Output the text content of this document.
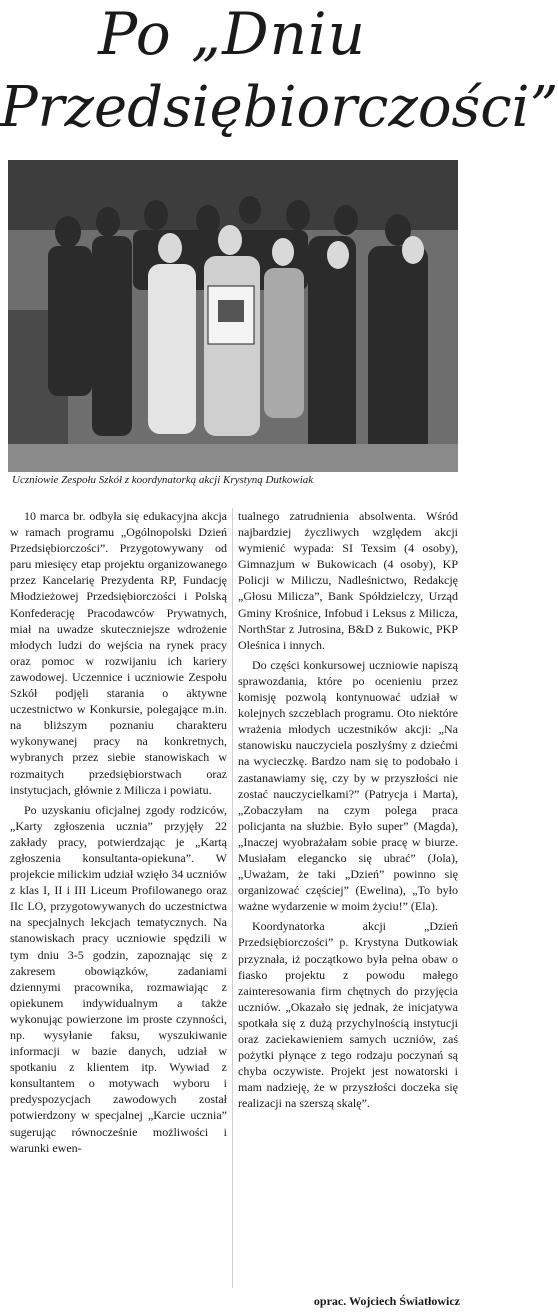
Po „Dniu
Przedsiębiorczości”
Uczniowie Zespołu Szkół z koordynatorką akcji Krystyną Dutkowiak

10 marca br. odbyła się edukacyjna akcja w ramach programu „Ogólnopolski Dzień Przedsiębiorczości”. Przygotowywany od paru miesięcy etap projektu organizowanego przez Kancelarię Prezydenta RP, Fundację Młodzieżowej Przedsiębiorczości i Polską Konfederację Pracodawców Prywatnych, miał na uwadze skuteczniejsze wdrożenie młodych ludzi do wejścia na rynek pracy oraz pomoc w rozwijaniu ich kariery zawodowej. Uczennice i uczniowie Zespołu Szkół podjęli starania o aktywne uczestnictwo w Konkursie, polegające m.in. na bliższym poznaniu charakteru wykonywanej pracy na konkretnych, wybranych przez siebie stanowiskach w rozmaitych przedsiębiorstwach oraz instytucjach, głównie z Milicza i powiatu.

Po uzyskaniu oficjalnej zgody rodziców, „Karty zgłoszenia ucznia” przyjęły 22 zakłady pracy, potwierdzając je „Kartą zgłoszenia konsultanta-opiekuna”. W projekcie milickim udział wzięło 34 uczniów z klas I, II i III Liceum Profilowanego oraz IIc LO, przygotowywanych do uczestnictwa na specjalnych lekcjach tematycznych. Na stanowiskach pracy uczniowie spędzili w tym dniu 3-5 godzin, zapoznając się z zakresem obowiązków, zadaniami dziennymi pracownika, rozmawiając z opiekunem indywidualnym a także wykonując powierzone im proste czynności, np. wysyłanie faksu, wyszukiwanie informacji w bazie danych, udział w spotkaniu z klientem itp. Wywiad z konsultantem o motywach wyboru i predyspozycjach zawodowych został potwierdzony w specjalnej „Karcie ucznia” sugerując równocześnie możliwości i warunki ewen-

tualnego zatrudnienia absolwenta. Wśród najbardziej życzliwych względem akcji wymienić wypada: SI Texsim (4 osoby), Gimnazjum w Bukowicach (4 osoby), KP Policji w Miliczu, Nadleśnictwo, Redakcję „Głosu Milicza”, Bank Spółdzielczy, Urząd Gminy Krośnice, Infobud i Leksus z Milicza, NorthStar z Jutrosina, B&D z Bukowic, PKP Oleśnica i innych.

Do części konkursowej uczniowie napiszą sprawozdania, które po ocenieniu przez komisję pozwolą kontynuować udział w kolejnych szczeblach programu. Oto niektóre wrażenia młodych uczestników akcji: „Na stanowisku nauczyciela poszłyśmy z dziećmi na wycieczkę. Bardzo nam się to podobało i zastanawiamy się, czy by w przyszłości nie zostać nauczycielkami?” (Patrycja i Marta), „Zobaczyłam na czym polega praca policjanta na służbie. Było super” (Magda), „Inaczej wyobrażałam sobie pracę w biurze. Musiałam elegancko się ubrać” (Jola), „Uważam, że taki „Dzień” powinno się organizować częściej” (Ewelina), „To było ważne wydarzenie w moim życiu!” (Ela).

Koordynatorka akcji „Dzień Przedsiębiorczości” p. Krystyna Dutkowiak przyznała, iż początkowo była pełna obaw o fiasko projektu z powodu małego zainteresowania firm chętnych do przyjęcia uczniów. „Okazało się jednak, że inicjatywa spotkała się z dużą przychylnością instytucji oraz zaciekawieniem samych uczniów, zaś pożytki płynące z tego rodzaju poczynań są chyba oczywiste. Projekt jest nowatorski i mam nadzieję, że w przyszłości doczeka się realizacji na szerszą skalę”.

oprac. Wojciech Światłowicz
